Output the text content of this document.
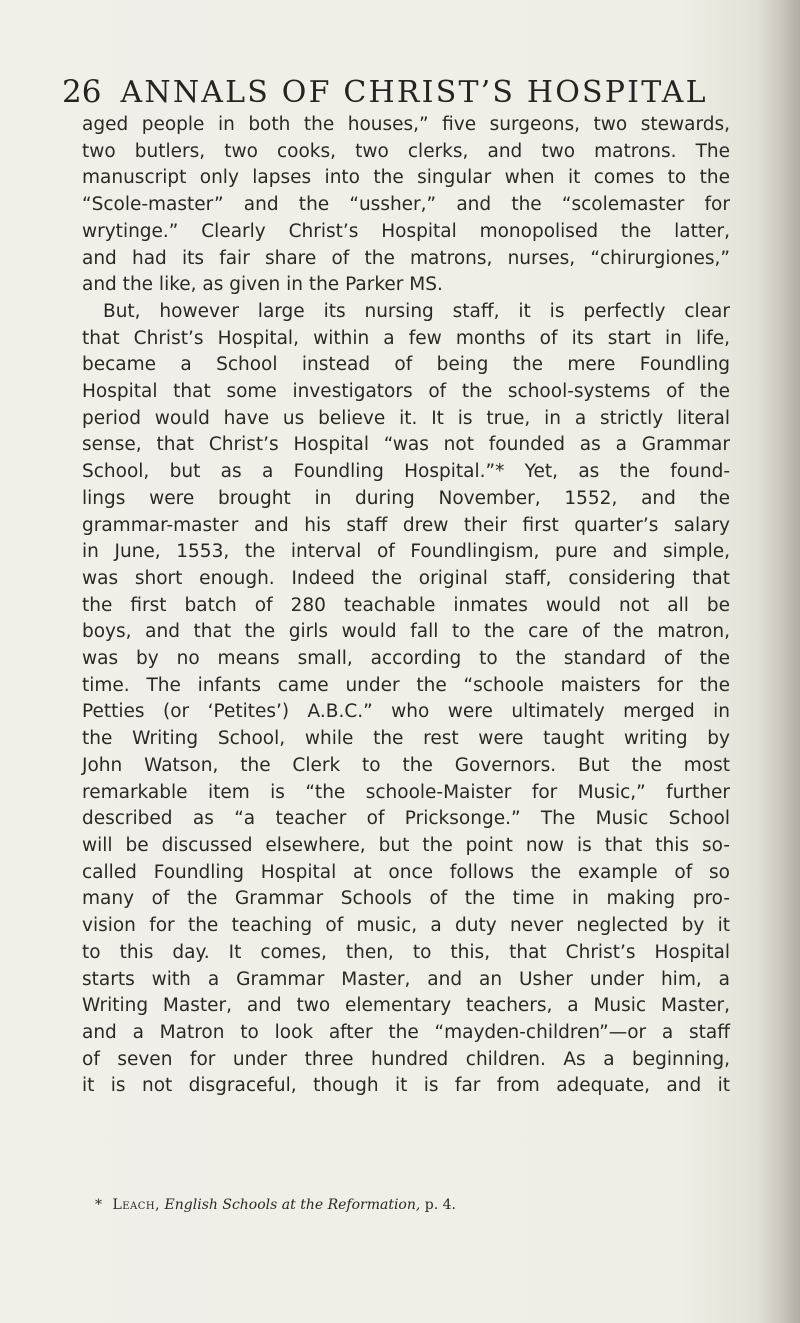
26 ANNALS OF CHRIST’S HOSPITAL
aged people in both the houses,” five surgeons, two stewards,
two butlers, two cooks, two clerks, and two matrons. The
manuscript only lapses into the singular when it comes to the
“Scole-master” and the “ussher,” and the “scolemaster for
wrytinge.” Clearly Christ’s Hospital monopolised the latter,
and had its fair share of the matrons, nurses, “chirurgiones,”
and the like, as given in the Parker MS.
But, however large its nursing staff, it is perfectly clear
that Christ’s Hospital, within a few months of its start in life,
became a School instead of being the mere Foundling
Hospital that some investigators of the school-systems of the
period would have us believe it. It is true, in a strictly literal
sense, that Christ’s Hospital “was not founded as a Grammar
School, but as a Foundling Hospital.”* Yet, as the found-
lings were brought in during November, 1552, and the
grammar-master and his staff drew their first quarter’s salary
in June, 1553, the interval of Foundlingism, pure and simple,
was short enough. Indeed the original staff, considering that
the first batch of 280 teachable inmates would not all be
boys, and that the girls would fall to the care of the matron,
was by no means small, according to the standard of the
time. The infants came under the “schoole maisters for the
Petties (or ‘Petites’) A.B.C.” who were ultimately merged in
the Writing School, while the rest were taught writing by
John Watson, the Clerk to the Governors. But the most
remarkable item is “the schoole-Maister for Music,” further
described as “a teacher of Pricksonge.” The Music School
will be discussed elsewhere, but the point now is that this so-
called Foundling Hospital at once follows the example of so
many of the Grammar Schools of the time in making pro-
vision for the teaching of music, a duty never neglected by it
to this day. It comes, then, to this, that Christ’s Hospital
starts with a Grammar Master, and an Usher under him, a
Writing Master, and two elementary teachers, a Music Master,
and a Matron to look after the “mayden-children”—or a staff
of seven for under three hundred children. As a beginning,
it is not disgraceful, though it is far from adequate, and it
* Leach, English Schools at the Reformation, p. 4.
